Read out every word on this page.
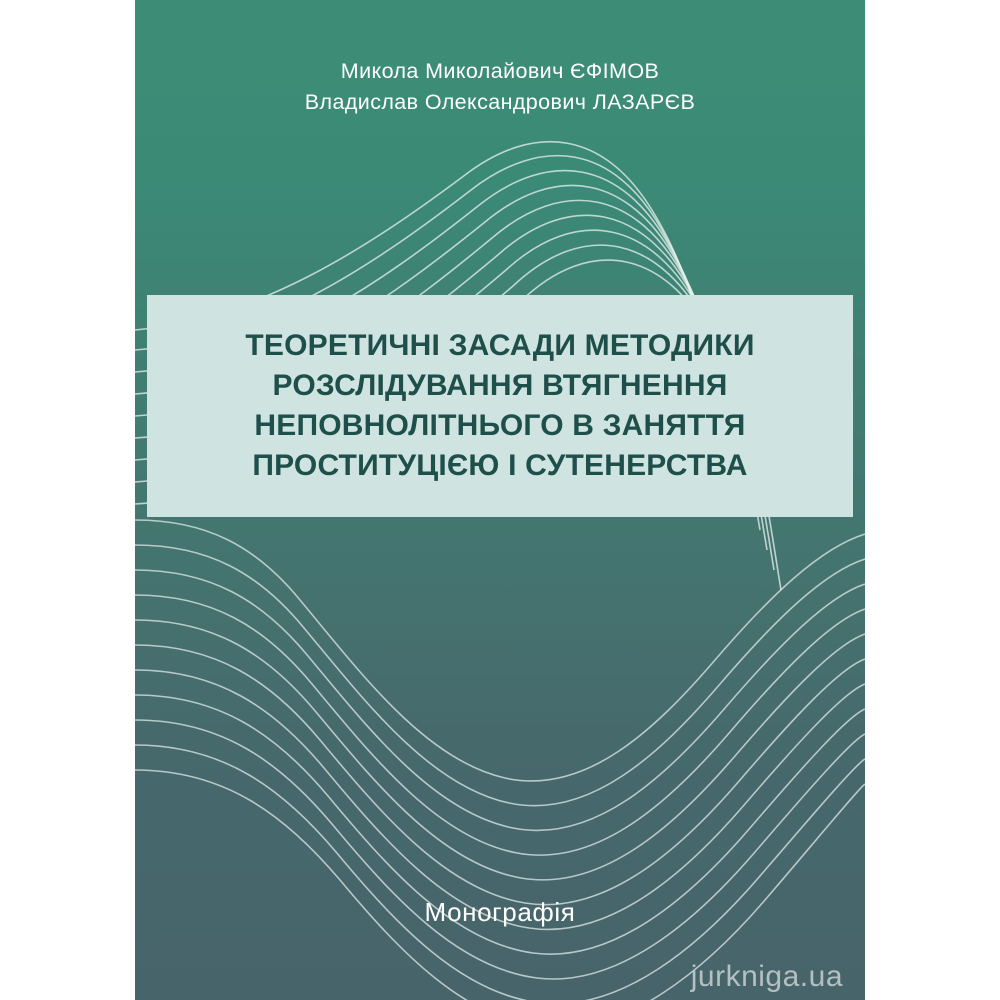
Микола Миколайович ЄФІМОВ
Владислав Олександрович ЛАЗАРЄВ
ТЕОРЕТИЧНІ ЗАСАДИ МЕТОДИКИ
РОЗСЛІДУВАННЯ ВТЯГНЕННЯ
НЕПОВНОЛІТНЬОГО В ЗАНЯТТЯ
ПРОСТИТУЦІЄЮ І СУТЕНЕРСТВА
Монографія
jurkniga.ua
